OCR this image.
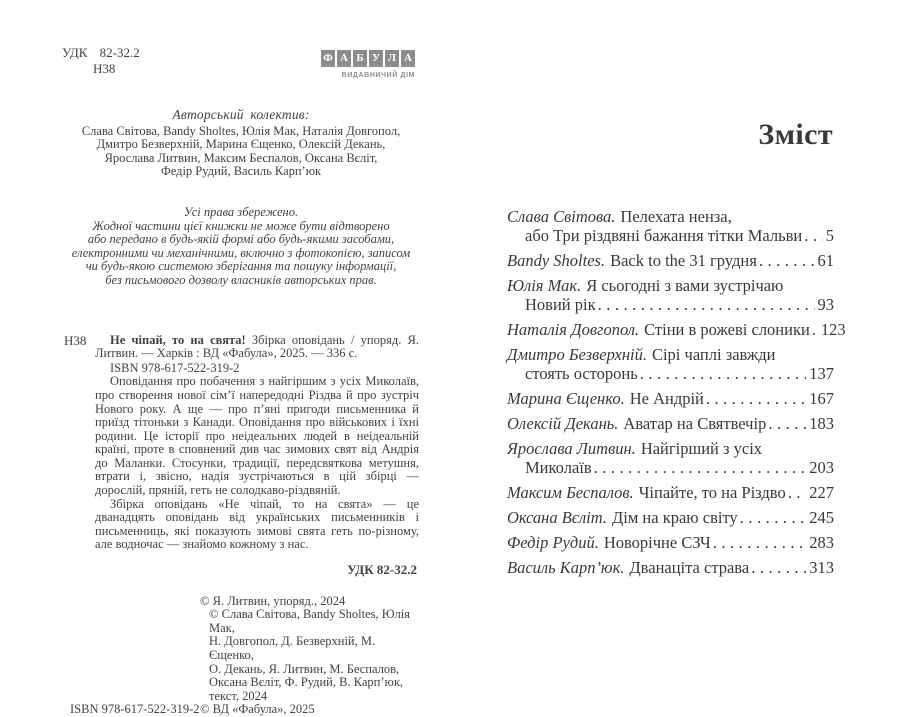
УДК 82-32.2
Н38
Ф А Б У Л А
ВИДАВНИЧИЙ ДІМ
Авторський колектив:
Слава Світова, Bandy Sholtes, Юлія Мак, Наталія Довгопол,
Дмитро Безверхній, Марина Єщенко, Олексій Декань,
Ярослава Литвин, Максим Беспалов, Оксана Вєліт,
Федір Рудий, Василь Карп’юк
Усі права збережено.
Жодної частини цієї книжки не може бути відтворено
або передано в будь-якій формі або будь-якими засобами,
електронними чи механічними, включно з фотокопією, записом
чи будь-якою системою зберігання та пошуку інформації,
без письмового дозволу власників авторських прав.
Н38	Не чіпай, то на свята! Збірка оповідань / упоряд. Я. Литвин. — Харків : ВД «Фабула», 2025. — 336 с.

ISBN 978-617-522-319-2

Оповідання про побачення з найгіршим з усіх Миколаїв, про створення нової сім’ї напередодні Різдва й про зустріч Нового року. А ще — про п’яні пригоди письменника й приїзд тітоньки з Канади. Оповідання про військових і їхні родини. Це історії про неідеальних людей в неідеальній країні, проте в сповнений див час зимових свят від Андрія до Маланки. Стосунки, традиції, передсвяткова метушня, втрати і, звісно, надія зустрічаються в цій збірці — дорослій, пряній, геть не солодкаво-різдвяній.

Збірка оповідань «Не чіпай, то на свята» — це дванадцять оповідань від українських письменників і письменниць, які показують зимові свята геть по-різному, але водночас — знайомо кожному з нас.

УДК 82-32.2
© Я. Литвин, упоряд., 2024
© Слава Світова, Bandy Sholtes, Юлія Мак,
Н. Довгопол, Д. Безверхній, М. Єщенко,
О. Декань, Я. Литвин, М. Беспалов,
Оксана Вєліт, Ф. Рудий, В. Карп’юк,
текст, 2024
ISBN 978-617-522-319-2 © ВД «Фабула», 2025
Зміст
Слава Світова. Пелехата ненза,
або Три різдвяні бажання тітки Мальви ..... 5
Bandy Sholtes. Back to the 31 грудня .....	61
Юлія Мак. Я сьогодні з вами зустрічаю
Новий рік .....	93
Наталія Довгопол. Стіни в рожеві слоники ..... 123
Дмитро Безверхній. Сірі чаплі завжди
стоять осторонь .....	137
Марина Єщенко. Не Андрій .....	167
Олексій Декань. Аватар на Святвечір .....	183
Ярослава Литвин. Найгірший з усіх
Миколаїв .....	203
Максим Беспалов. Чіпайте, то на Різдво ..... 227
Оксана Вєліт. Дім на краю світу .....	245
Федір Рудий. Новорічне СЗЧ .....	283
Василь Карп’юк. Дванаціта страва .....	313
